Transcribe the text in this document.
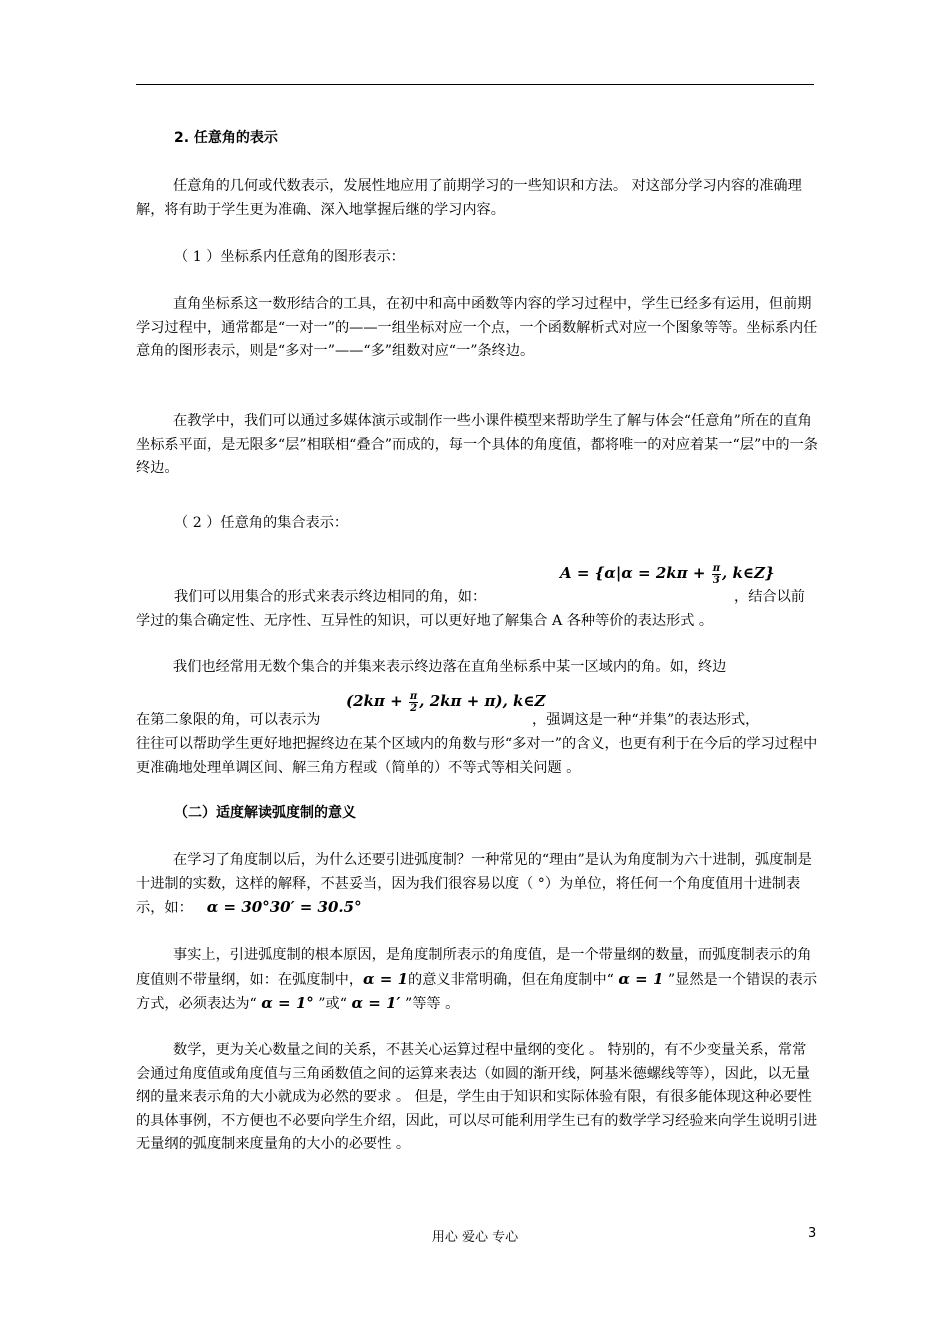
2. 任意角的表示
任意角的几何或代数表示，发展性地应用了前期学习的一些知识和方法。 对这部分学习内容的准确理解，将有助于学生更为准确、深入地掌握后继的学习内容。
（ 1 ）坐标系内任意角的图形表示：
直角坐标系这一数形结合的工具，在初中和高中函数等内容的学习过程中，学生已经多有运用，但前期学习过程中，通常都是“一对一”的——一组坐标对应一个点，一个函数解析式对应一个图象等等。坐标系内任意角的图形表示，则是“多对一”——“多”组数对应“一”条终边。
在教学中，我们可以通过多媒体演示或制作一些小课件模型来帮助学生了解与体会“任意角”所在的直角坐标系平面，是无限多“层”相联相“叠合”而成的，每一个具体的角度值，都将唯一的对应着某一“层”中的一条终边。
（ 2 ）任意角的集合表示：
$A = \{\alpha|\alpha = 2k\pi + \frac{\pi}{3}$ , k∈Z}
我们可以用集合的形式来表示终边相同的角，如：	，结合以前
学过的集合确定性、无序性、互异性的知识，可以更好地了解集合 A 各种等价的表达形式 。
我们也经常用无数个集合的并集来表示终边落在直角坐标系中某一区域内的角。如，终边
($2k\pi + \frac{\pi}{2}$ , 2kπ + π), k∈Z
在第二象限的角，可以表示为	，强调这是一种“并集”的表达形式，
往往可以帮助学生更好地把握终边在某个区域内的角数与形“多对一”的含义，也更有利于在今后的学习过程中更准确地处理单调区间、解三角方程或（简单的）不等式等相关问题 。
（二）适度解读弧度制的意义
在学习了角度制以后，为什么还要引进弧度制？一种常见的“理由”是认为角度制为六十进制，弧度制是十进制的实数，这样的解释，不甚妥当，因为我们很容易以度（ °）为单位，将任何一个角度值用十进制表示，如： α = 30°30′ = 30.5°
事实上，引进弧度制的根本原因，是角度制所表示的角度值，是一个带量纲的数量，而弧度制表示的角度值则不带量纲，如：在弧度制中，α = 1的意义非常明确，但在角度制中“ α = 1 ”显然是一个错误的表示方式，必须表达为“ α = 1° ”或“ α = 1′ ”等等 。
数学，更为关心数量之间的关系，不甚关心运算过程中量纲的变化 。 特别的，有不少变量关系，常常会通过角度值或角度值与三角函数值之间的运算来表达（如圆的渐开线，阿基米德螺线等等），因此，以无量纲的量来表示角的大小就成为必然的要求 。 但是，学生由于知识和实际体验有限，有很多能体现这种必要性的具体事例，不方便也不必要向学生介绍，因此，可以尽可能利用学生已有的数学学习经验来向学生说明引进无量纲的弧度制来度量角的大小的必要性 。
用心 爱心 专心	3
